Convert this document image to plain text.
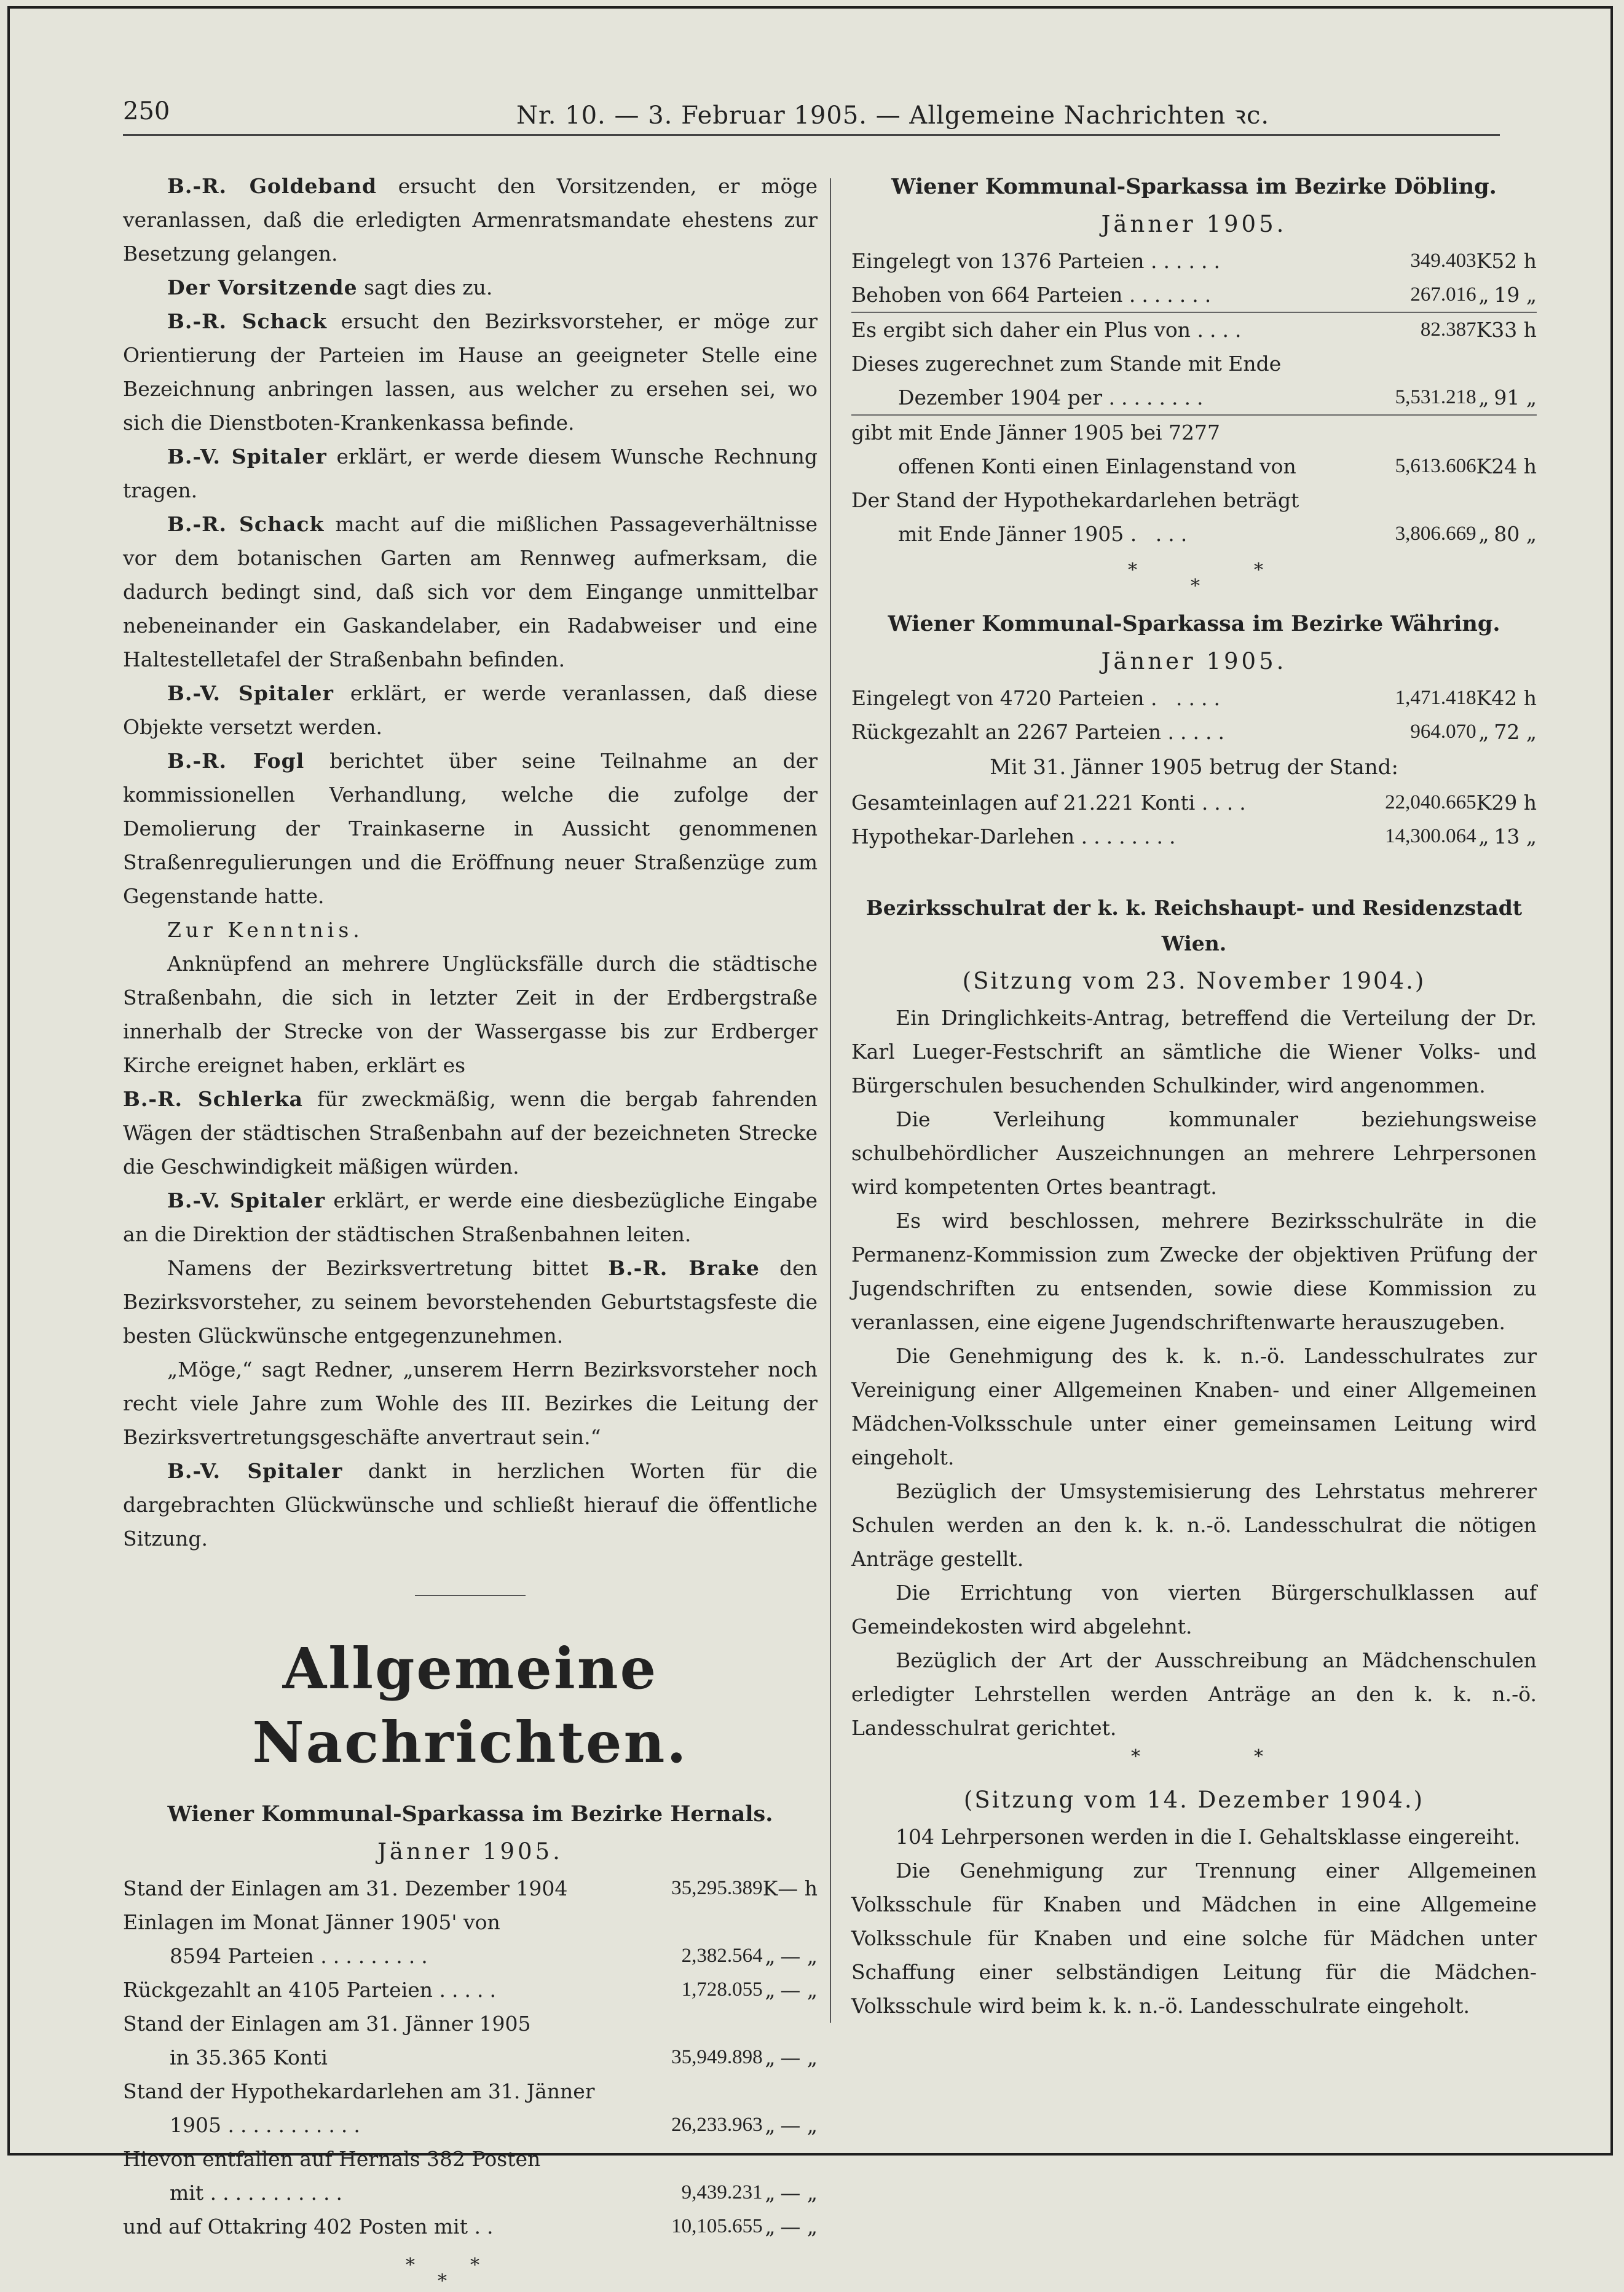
250	Nr. 10. — 3. Februar 1905. — Allgemeine Nachrichten ꝛc.

B.-R. Goldeband ersucht den Vorsitzenden, er möge veranlassen, daß die erledigten Armenratsmandate ehestens zur Besetzung gelangen.

Der Vorsitzende sagt dies zu.

B.-R. Schack ersucht den Bezirksvorsteher, er möge zur Orientierung der Parteien im Hause an geeigneter Stelle eine Bezeichnung anbringen lassen, aus welcher zu ersehen sei, wo sich die Dienstboten-Krankenkassa befinde.

B.-V. Spitaler erklärt, er werde diesem Wunsche Rechnung tragen.

B.-R. Schack macht auf die mißlichen Passageverhältnisse vor dem botanischen Garten am Rennweg aufmerksam, die dadurch bedingt sind, daß sich vor dem Eingange unmittelbar nebeneinander ein Gaskandelaber, ein Radabweiser und eine Haltestelletafel der Straßenbahn befinden.

B.-V. Spitaler erklärt, er werde veranlassen, daß diese Objekte versetzt werden.

B.-R. Fogl berichtet über seine Teilnahme an der kommissionellen Verhandlung, welche die zufolge der Demolierung der Trainkaserne in Aussicht genommenen Straßenregulierungen und die Eröffnung neuer Straßenzüge zum Gegenstande hatte.

Zur Kenntnis.

Anknüpfend an mehrere Unglücksfälle durch die städtische Straßenbahn, die sich in letzter Zeit in der Erdbergstraße innerhalb der Strecke von der Wassergasse bis zur Erdberger Kirche ereignet haben, erklärt es

B.-R. Schlerka für zweckmäßig, wenn die bergab fahrenden Wägen der städtischen Straßenbahn auf der bezeichneten Strecke die Geschwindigkeit mäßigen würden.

B.-V. Spitaler erklärt, er werde eine diesbezügliche Eingabe an die Direktion der städtischen Straßenbahnen leiten.

Namens der Bezirksvertretung bittet B.-R. Brake den Bezirksvorsteher, zu seinem bevorstehenden Geburtstagsfeste die besten Glückwünsche entgegenzunehmen.

„Möge,“ sagt Redner, „unserem Herrn Bezirksvorsteher noch recht viele Jahre zum Wohle des III. Bezirkes die Leitung der Bezirksvertretungsgeschäfte anvertraut sein.“

B.-V. Spitaler dankt in herzlichen Worten für die dargebrachten Glückwünsche und schließt hierauf die öffentliche Sitzung.

Allgemeine Nachrichten.

Wiener Kommunal-Sparkassa im Bezirke Hernals.

Jänner 1905.

Stand der Einlagen am 31. Dezember 1904	35,295.389	K	— h
Einlagen im Monat Jänner 1905' von			
8594 Parteien .........	2,382.564	„	— „
Rückgezahlt an 4105 Parteien .....	1,728.055	„	— „
Stand der Einlagen am 31. Jänner 1905			
in 35.365 Konti	35,949.898	„	— „
Stand der Hypothekardarlehen am 31. Jänner			
1905 ...........	26,233.963	„	— „
Hievon entfallen auf Hernals 382 Posten			
mit ...........	9,439.231	„	— „
und auf Ottakring 402 Posten mit ..	10,105.655	„	— „
*	*
*

Wiener Kommunal-Sparkassa im Bezirke Döbling.

Jänner 1905.

Eingelegt von 1376 Parteien ......	349.403	K	52 h
Behoben von 664 Parteien .......	267.016	„	19 „
Es ergibt sich daher ein Plus von ....	82.387	K	33 h
Dieses zugerechnet zum Stande mit Ende			
Dezember 1904 per ........	5,531.218	„	91 „
gibt mit Ende Jänner 1905 bei 7277			
offenen Konti einen Einlagenstand von	5,613.606	K	24 h
Der Stand der Hypothekardarlehen beträgt			
mit Ende Jänner 1905 . ...	3,806.669	„	80 „
*	*
*

Wiener Kommunal-Sparkassa im Bezirke Währing.

Jänner 1905.

Eingelegt von 4720 Parteien . ....	1,471.418	K	42 h
Rückgezahlt an 2267 Parteien .....	964.070	„	72 „

Mit 31. Jänner 1905 betrug der Stand:

Gesamteinlagen auf 21.221 Konti ....	22,040.665	K	29 h
Hypothekar-Darlehen ........	14,300.064	„	13 „

Bezirksschulrat der k. k. Reichshaupt- und Residenzstadt Wien.

(Sitzung vom 23. November 1904.)

Ein Dringlichkeits-Antrag, betreffend die Verteilung der Dr. Karl Lueger-Festschrift an sämtliche die Wiener Volks- und Bürgerschulen besuchenden Schulkinder, wird angenommen.

Die Verleihung kommunaler beziehungsweise schulbehördlicher Auszeichnungen an mehrere Lehrpersonen wird kompetenten Ortes beantragt.

Es wird beschlossen, mehrere Bezirksschulräte in die Permanenz-Kommission zum Zwecke der objektiven Prüfung der Jugendschriften zu entsenden, sowie diese Kommission zu veranlassen, eine eigene Jugendschriftenwarte herauszugeben.

Die Genehmigung des k. k. n.-ö. Landesschulrates zur Vereinigung einer Allgemeinen Knaben- und einer Allgemeinen Mädchen-Volksschule unter einer gemeinsamen Leitung wird eingeholt.

Bezüglich der Umsystemisierung des Lehrstatus mehrerer Schulen werden an den k. k. n.-ö. Landesschulrat die nötigen Anträge gestellt.

Die Errichtung von vierten Bürgerschulklassen auf Gemeindekosten wird abgelehnt.

Bezüglich der Art der Ausschreibung an Mädchenschulen erledigter Lehrstellen werden Anträge an den k. k. n.-ö. Landesschulrat gerichtet.

*	*

(Sitzung vom 14. Dezember 1904.)

104 Lehrpersonen werden in die I. Gehaltsklasse eingereiht.

Die Genehmigung zur Trennung einer Allgemeinen Volksschule für Knaben und Mädchen in eine Allgemeine Volksschule für Knaben und eine solche für Mädchen unter Schaffung einer selbständigen Leitung für die Mädchen-Volksschule wird beim k. k. n.-ö. Landesschulrate eingeholt.
